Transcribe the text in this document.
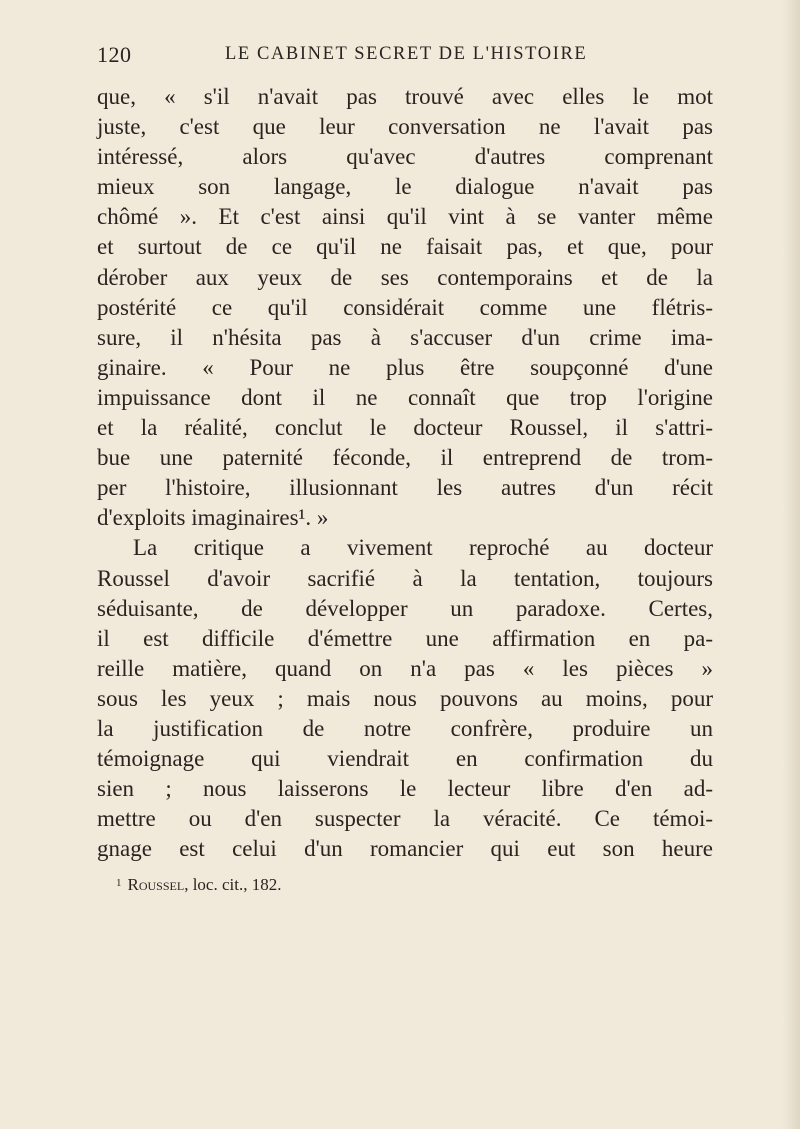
120	LE CABINET SECRET DE L'HISTOIRE
que, « s'il n'avait pas trouvé avec elles le mot
juste, c'est que leur conversation ne l'avait pas
intéressé, alors qu'avec d'autres comprenant
mieux son langage, le dialogue n'avait pas
chômé ». Et c'est ainsi qu'il vint à se vanter même
et surtout de ce qu'il ne faisait pas, et que, pour
dérober aux yeux de ses contemporains et de la
postérité ce qu'il considérait comme une flétris-
sure, il n'hésita pas à s'accuser d'un crime ima-
ginaire. « Pour ne plus être soupçonné d'une
impuissance dont il ne connaît que trop l'origine
et la réalité, conclut le docteur Roussel, il s'attri-
bue une paternité féconde, il entreprend de trom-
per l'histoire, illusionnant les autres d'un récit
d'exploits imaginaires¹. »
La critique a vivement reproché au docteur
Roussel d'avoir sacrifié à la tentation, toujours
séduisante, de développer un paradoxe. Certes,
il est difficile d'émettre une affirmation en pa-
reille matière, quand on n'a pas « les pièces »
sous les yeux ; mais nous pouvons au moins, pour
la justification de notre confrère, produire un
témoignage qui viendrait en confirmation du
sien ; nous laisserons le lecteur libre d'en ad-
mettre ou d'en suspecter la véracité. Ce témoi-
gnage est celui d'un romancier qui eut son heure
$^1$ Roussel, loc. cit., 182.
